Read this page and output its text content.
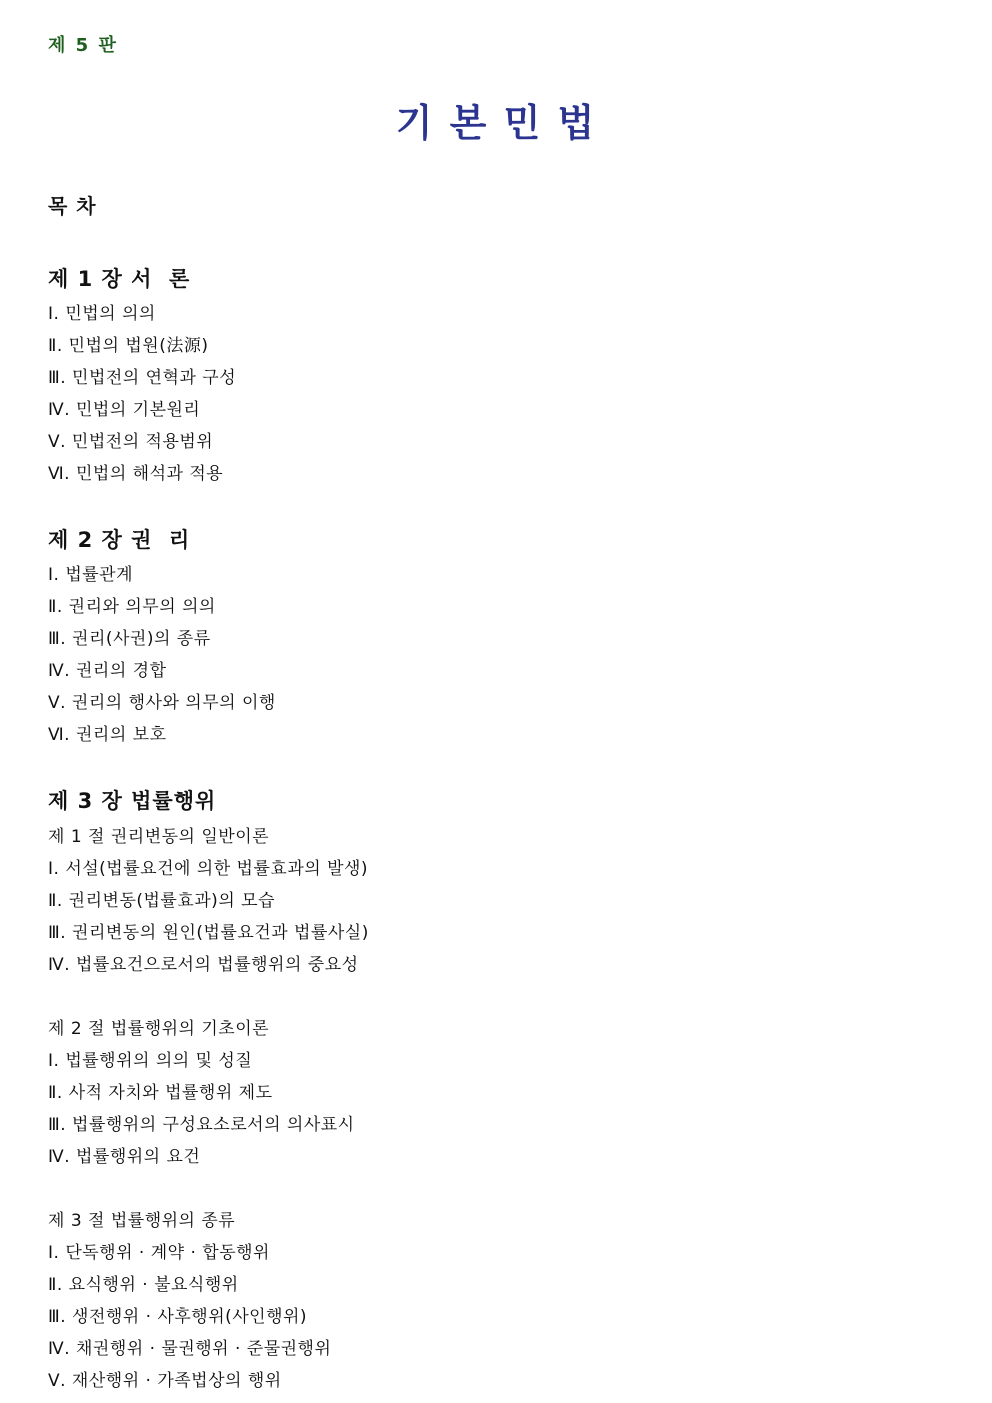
제 5 판
기 본 민 법
목 차
제 1 장 서  론
Ⅰ. 민법의 의의
Ⅱ. 민법의 법원(法源)
Ⅲ. 민법전의 연혁과 구성
Ⅳ. 민법의 기본원리
Ⅴ. 민법전의 적용범위
Ⅵ. 민법의 해석과 적용
제 2 장 권  리
Ⅰ. 법률관계
Ⅱ. 권리와 의무의 의의
Ⅲ. 권리(사권)의 종류
Ⅳ. 권리의 경합
Ⅴ. 권리의 행사와 의무의 이행
Ⅵ. 권리의 보호
제 3 장 법률행위
제 1 절 권리변동의 일반이론
Ⅰ. 서설(법률요건에 의한 법률효과의 발생)
Ⅱ. 권리변동(법률효과)의 모습
Ⅲ. 권리변동의 원인(법률요건과 법률사실)
Ⅳ. 법률요건으로서의 법률행위의 중요성
제 2 절 법률행위의 기초이론
Ⅰ. 법률행위의 의의 및 성질
Ⅱ. 사적 자치와 법률행위 제도
Ⅲ. 법률행위의 구성요소로서의 의사표시
Ⅳ. 법률행위의 요건
제 3 절 법률행위의 종류
Ⅰ. 단독행위 · 계약 · 합동행위
Ⅱ. 요식행위 · 불요식행위
Ⅲ. 생전행위 · 사후행위(사인행위)
Ⅳ. 채권행위 · 물권행위 · 준물권행위
Ⅴ. 재산행위 · 가족법상의 행위
